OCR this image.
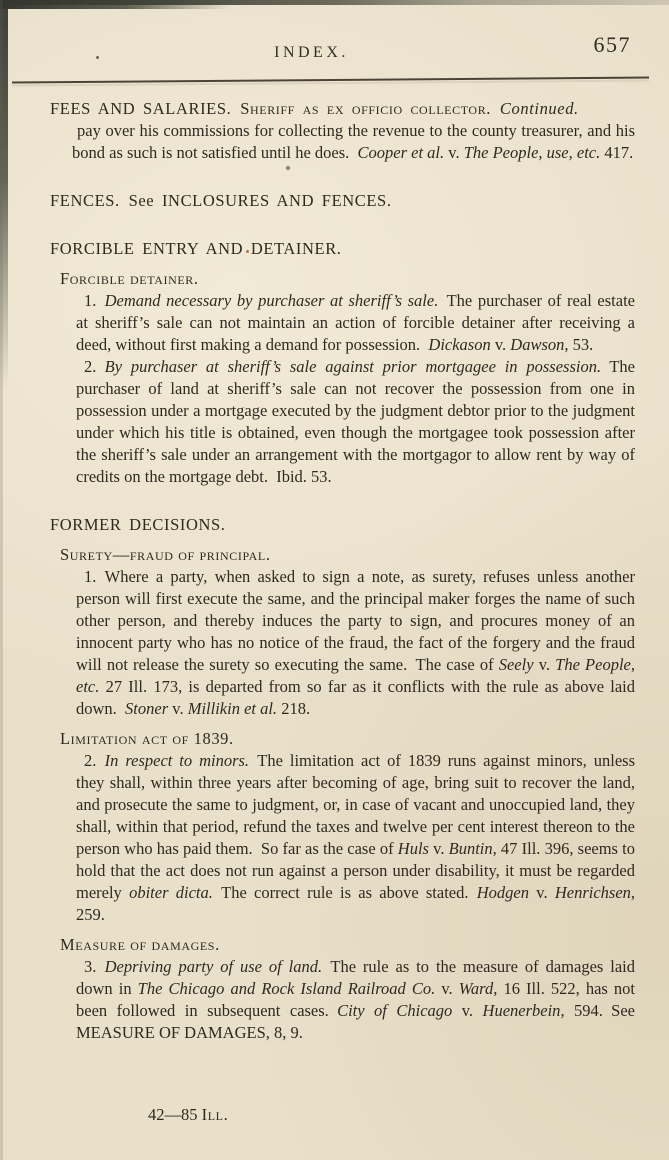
INDEX.	657

FEES AND SALARIES. Sheriff as ex officio collector.  Continued.

pay over his commissions for collecting the revenue to the county treasurer, and his bond as such is not satisfied until he does. Cooper et al. v. The People, use, etc. 417.

FENCES. See INCLOSURES AND FENCES.

FORCIBLE ENTRY AND DETAINER.

Forcible detainer.

1. Demand necessary by purchaser at sheriff’s sale. The purchaser of real estate at sheriff’s sale can not maintain an action of forcible detainer after receiving a deed, without first making a demand for possession. Dickason v. Dawson, 53.

2. By purchaser at sheriff’s sale against prior mortgagee in possession. The purchaser of land at sheriff’s sale can not recover the possession from one in possession under a mortgage executed by the judgment debtor prior to the judgment under which his title is obtained, even though the mortgagee took possession after the sheriff’s sale under an arrangement with the mortgagor to allow rent by way of credits on the mortgage debt. Ibid. 53.

FORMER DECISIONS.

Surety—fraud of principal.

1. Where a party, when asked to sign a note, as surety, refuses unless another person will first execute the same, and the principal maker forges the name of such other person, and thereby induces the party to sign, and procures money of an innocent party who has no notice of the fraud, the fact of the forgery and the fraud will not release the surety so executing the same. The case of Seely v. The People, etc. 27 Ill. 173, is departed from so far as it conflicts with the rule as above laid down. Stoner v. Millikin et al. 218.

Limitation act of 1839.

2. In respect to minors. The limitation act of 1839 runs against minors, unless they shall, within three years after becoming of age, bring suit to recover the land, and prosecute the same to judgment, or, in case of vacant and unoccupied land, they shall, within that period, refund the taxes and twelve per cent interest thereon to the person who has paid them. So far as the case of Huls v. Buntin, 47 Ill. 396, seems to hold that the act does not run against a person under disability, it must be regarded merely obiter dicta. The correct rule is as above stated. Hodgen v. Henrichsen, 259.

Measure of damages.

3. Depriving party of use of land. The rule as to the measure of damages laid down in The Chicago and Rock Island Railroad Co. v. Ward, 16 Ill. 522, has not been followed in subsequent cases. City of Chicago v. Huenerbein, 594. See MEASURE OF DAMAGES, 8, 9.

42—85 Ill.
